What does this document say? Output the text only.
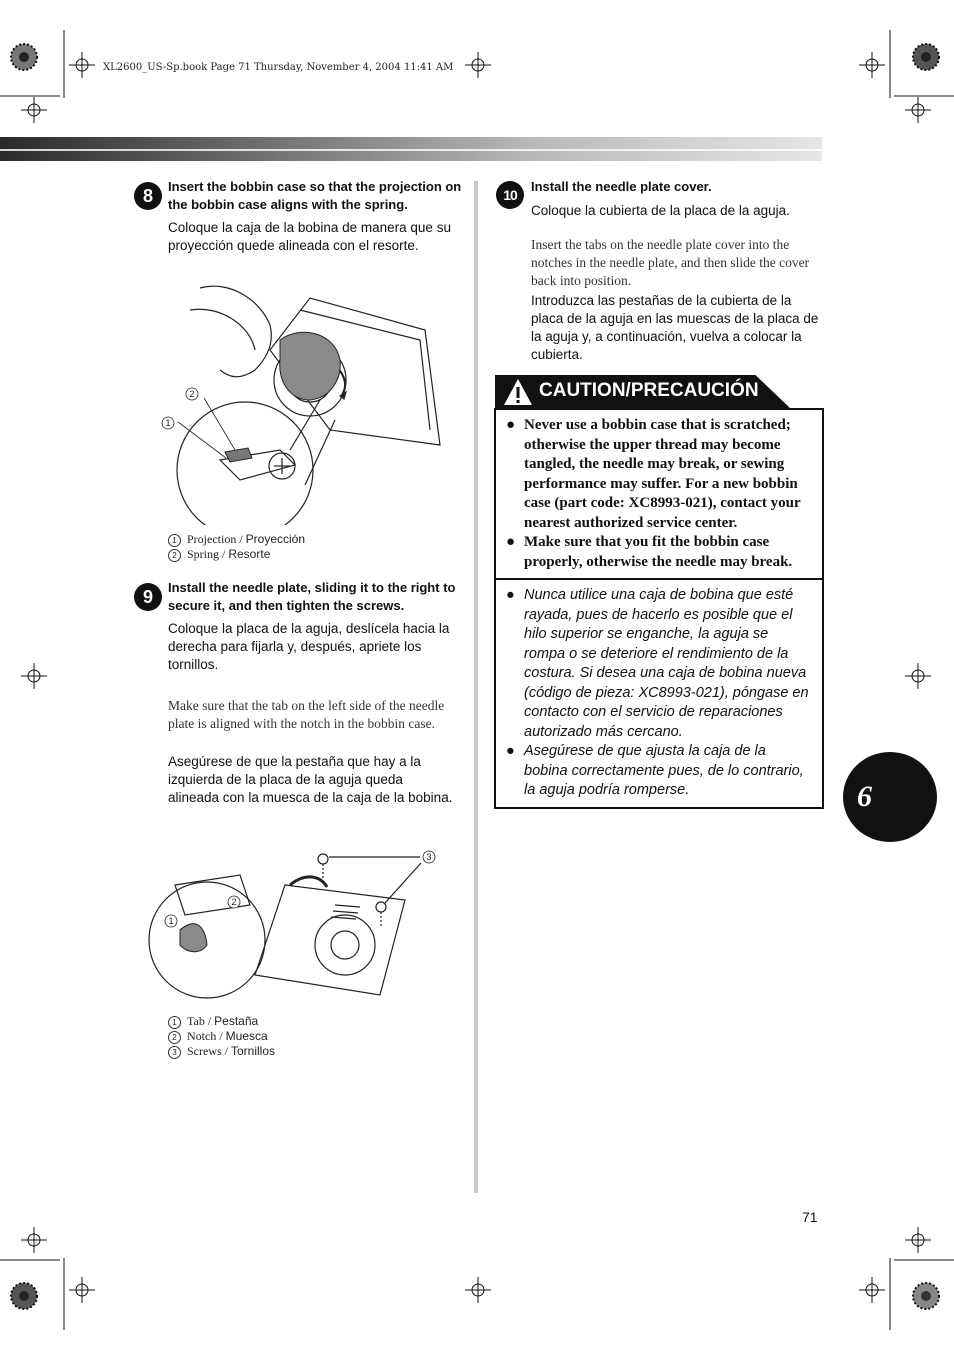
XL2600_US-Sp.book Page 71 Thursday, November 4, 2004 11:41 AM
8	Insert the bobbin case so that the projection on the bobbin case aligns with the spring.
Coloque la caja de la bobina de manera que su proyección quede alineada con el resorte.
2
1
1 Projection / Proyección
2 Spring / Resorte
9	Install the needle plate, sliding it to the right to secure it, and then tighten the screws.
Coloque la placa de la aguja, deslícela hacia la derecha para fijarla y, después, apriete los tornillos.
Make sure that the tab on the left side of the needle plate is aligned with the notch in the bobbin case.
Asegúrese de que la pestaña que hay a la izquierda de la placa de la aguja queda alineada con la muesca de la caja de la bobina.
3
2
1
1 Tab / Pestaña
2 Notch / Muesca
3 Screws / Tornillos
10
Install the needle plate cover.
Coloque la cubierta de la placa de la aguja.
Insert the tabs on the needle plate cover into the notches in the needle plate, and then slide the cover back into position.
Introduzca las pestañas de la cubierta de la placa de la aguja en las muescas de la placa de la aguja y, a continuación, vuelva a colocar la cubierta.
CAUTION/PRECAUCIÓN
● Never use a bobbin case that is scratched; otherwise the upper thread may become tangled, the needle may break, or sewing performance may suffer. For a new bobbin case (part code: XC8993-021), contact your nearest authorized service center.
● Make sure that you fit the bobbin case properly, otherwise the needle may break.
● Nunca utilice una caja de bobina que esté rayada, pues de hacerlo es posible que el hilo superior se enganche, la aguja se rompa o se deteriore el rendimiento de la costura. Si desea una caja de bobina nueva (código de pieza: XC8993-021), póngase en contacto con el servicio de reparaciones autorizado más cercano.
● Asegúrese de que ajusta la caja de la bobina correctamente pues, de lo contrario, la aguja podría romperse.	6
71
